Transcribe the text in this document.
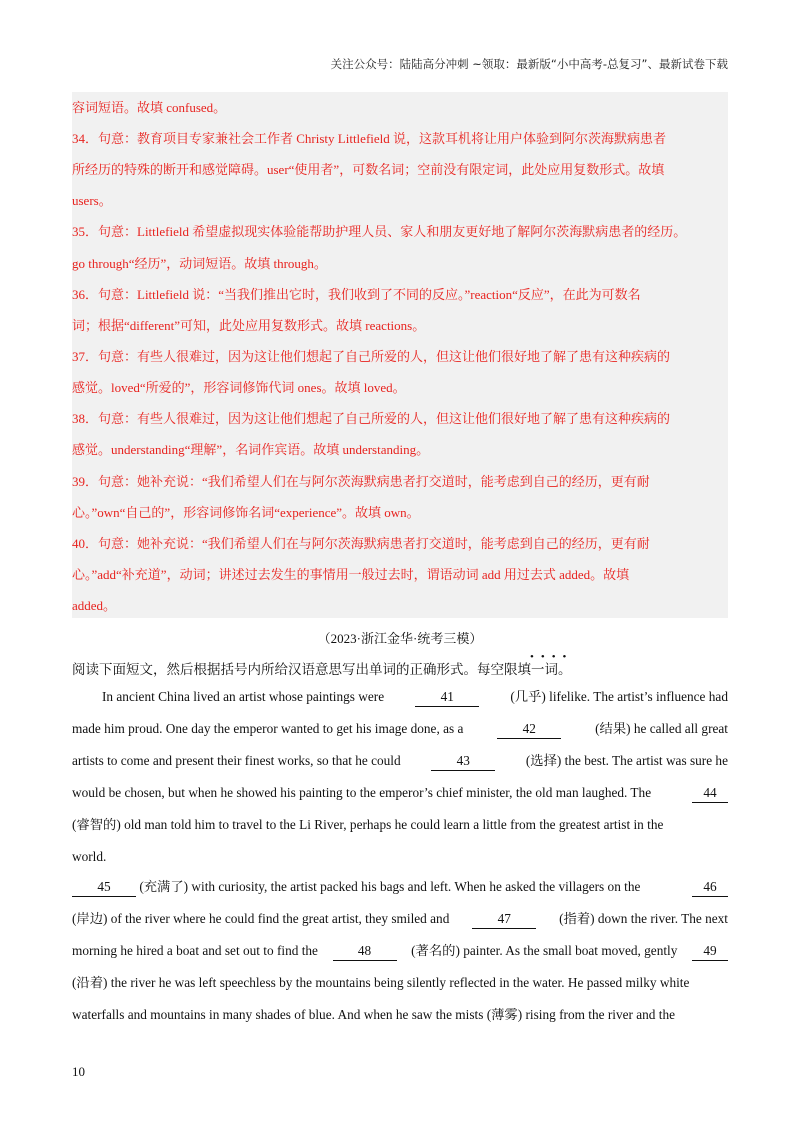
关注公众号：陆陆高分冲刺 ~领取：最新版“小中高考-总复习”、最新试卷下载
容词短语。故填 confused。
34．句意：教育项目专家兼社会工作者 Christy Littlefield 说，这款耳机将让用户体验到阿尔茨海默病患者
所经历的特殊的断开和感觉障碍。user“使用者”，可数名词；空前没有限定词，此处应用复数形式。故填
users。
35．句意：Littlefield 希望虚拟现实体验能帮助护理人员、家人和朋友更好地了解阿尔茨海默病患者的经历。
go through“经历”，动词短语。故填 through。
36．句意：Littlefield 说：“当我们推出它时，我们收到了不同的反应。”reaction“反应”，在此为可数名
词；根据“different”可知，此处应用复数形式。故填 reactions。
37．句意：有些人很难过，因为这让他们想起了自己所爱的人，但这让他们很好地了解了患有这种疾病的
感觉。loved“所爱的”，形容词修饰代词 ones。故填 loved。
38．句意：有些人很难过，因为这让他们想起了自己所爱的人，但这让他们很好地了解了患有这种疾病的
感觉。understanding“理解”，名词作宾语。故填 understanding。
39．句意：她补充说：“我们希望人们在与阿尔茨海默病患者打交道时，能考虑到自己的经历，更有耐
心。”own“自己的”，形容词修饰名词“experience”。故填 own。
40．句意：她补充说：“我们希望人们在与阿尔茨海默病患者打交道时，能考虑到自己的经历，更有耐
心。”add“补充道”，动词；讲述过去发生的事情用一般过去时，谓语动词 add 用过去式 added。故填
added。
（2023·浙江金华·统考三模）
••••
阅读下面短文，然后根据括号内所给汉语意思写出单词的正确形式。每空限填一词。
In ancient China lived an artist whose paintings were	41	(几乎) lifelike. The artist’s influence had
made him proud. One day the emperor wanted to get his image done, as a	42	(结果) he called all great
artists to come and present their finest works, so that he could	43	(选择) the best. The artist was sure he
would be chosen, but when he showed his painting to the emperor’s chief minister, the old man laughed. The	44
(睿智的) old man told him to travel to the Li River, perhaps he could learn a little from the greatest artist in the
world.
45 (充满了) with curiosity, the artist packed his bags and left. When he asked the villagers on the	46
(岸边) of the river where he could find the great artist, they smiled and	47	(指着) down the river. The next
morning he hired a boat and set out to find the	48	(著名的) painter. As the small boat moved, gently	49
(沿着) the river he was left speechless by the mountains being silently reflected in the water. He passed milky white
waterfalls and mountains in many shades of blue. And when he saw the mists (薄雾) rising from the river and the
10
